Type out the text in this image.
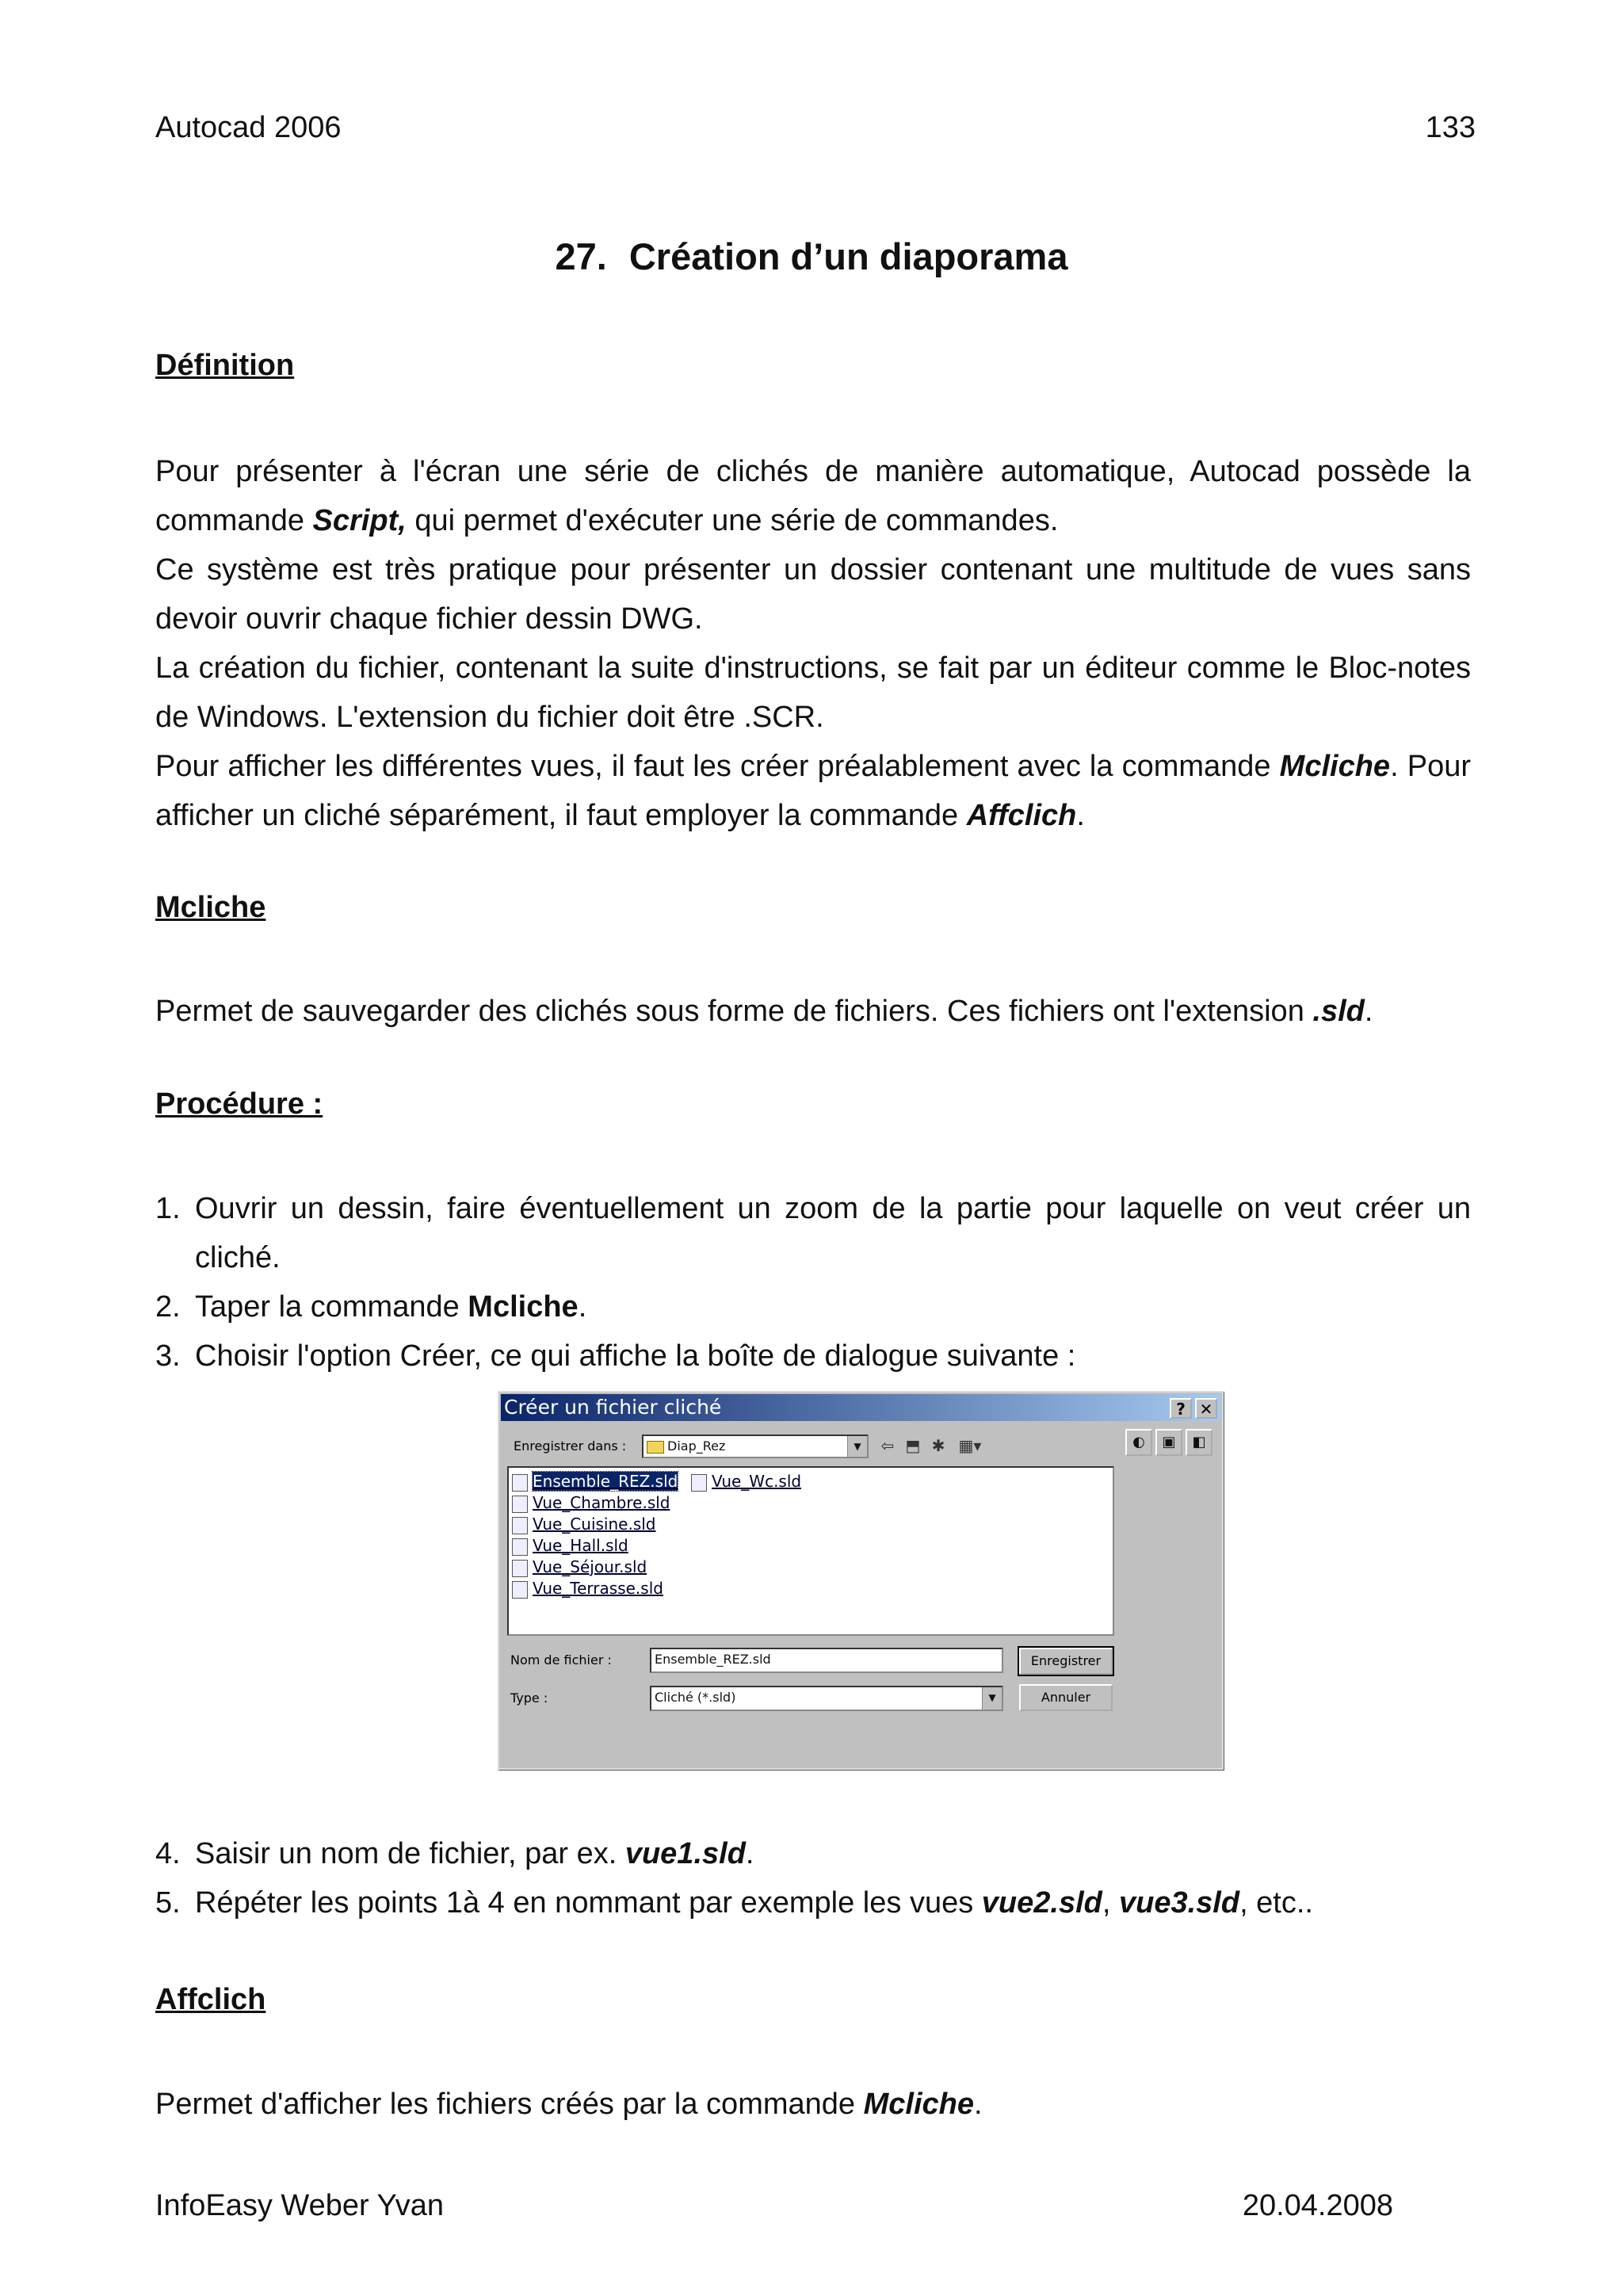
Autocad 2006	133
27. Création d’un diaporama
Définition

Pour présenter à l'écran une série de clichés de manière automatique, Autocad possède la commande Script, qui permet d'exécuter une série de commandes.

Ce système est très pratique pour présenter un dossier contenant une multitude de vues sans devoir ouvrir chaque fichier dessin DWG.

La création du fichier, contenant la suite d'instructions, se fait par un éditeur comme le Bloc-notes de Windows. L'extension du fichier doit être .SCR.

Pour afficher les différentes vues, il faut les créer préalablement avec la commande Mcliche. Pour afficher un cliché séparément, il faut employer la commande Affclich.

Mcliche

Permet de sauvegarder des clichés sous forme de fichiers. Ces fichiers ont l'extension .sld.

Procédure :
1. Ouvrir un dessin, faire éventuellement un zoom de la partie pour laquelle on veut créer un cliché.
2. Taper la commande Mcliche.
3. Choisir l'option Créer, ce qui affiche la boîte de dialogue suivante :
Créer un fichier cliché	? ✕
Enregistrer dans :	Diap_Rez	▼	⇦ ⬒ ✱ ▦▾	◐	▣	◧
Ensemble_REZ.sld
Vue_Chambre.sld
Vue_Cuisine.sld
Vue_Hall.sld
Vue_Séjour.sld
Vue_Terrasse.sld
Vue_Wc.sld
Nom de fichier :	Ensemble_REZ.sld	Enregistrer
Type :	Cliché (*.sld)	▼	Annuler
4. Saisir un nom de fichier, par ex. vue1.sld.
5. Répéter les points 1à 4 en nommant par exemple les vues vue2.sld, vue3.sld, etc..
Affclich

Permet d'afficher les fichiers créés par la commande Mcliche.

InfoEasy Weber Yvan	20.04.2008
